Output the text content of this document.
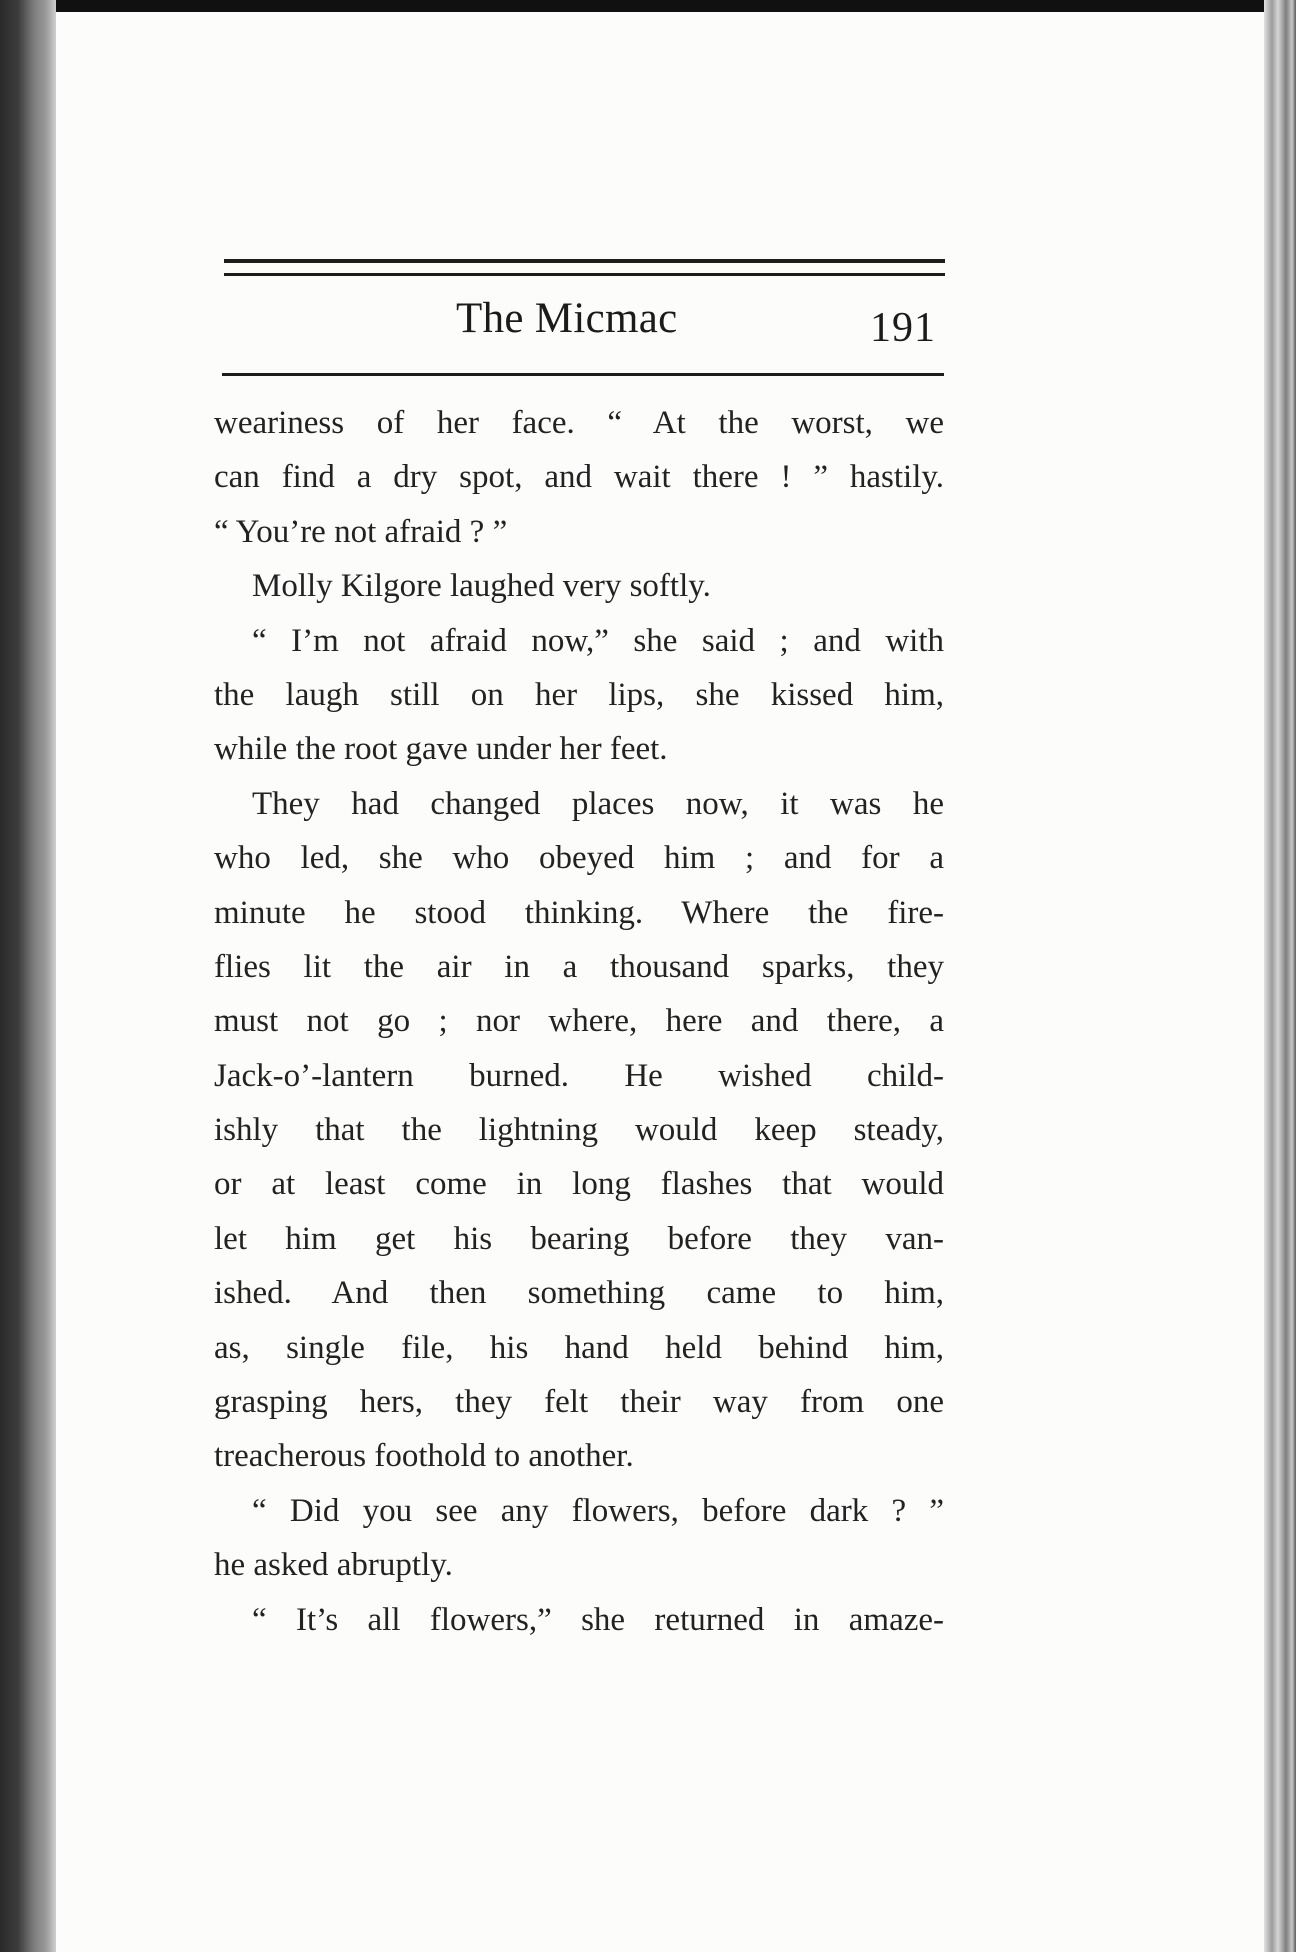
The Micmac	191
weariness of her face. “ At the worst, we
can find a dry spot, and wait there ! ” hastily.
“ You’re not afraid ? ”
Molly Kilgore laughed very softly.
“ I’m not afraid now,” she said ; and with
the laugh still on her lips, she kissed him,
while the root gave under her feet.
They had changed places now, it was he
who led, she who obeyed him ; and for a
minute he stood thinking. Where the fire-
flies lit the air in a thousand sparks, they
must not go ; nor where, here and there, a
Jack-o’-lantern burned. He wished child-
ishly that the lightning would keep steady,
or at least come in long flashes that would
let him get his bearing before they van-
ished. And then something came to him,
as, single file, his hand held behind him,
grasping hers, they felt their way from one
treacherous foothold to another.
“ Did you see any flowers, before dark ? ”
he asked abruptly.
“ It’s all flowers,” she returned in amaze-
